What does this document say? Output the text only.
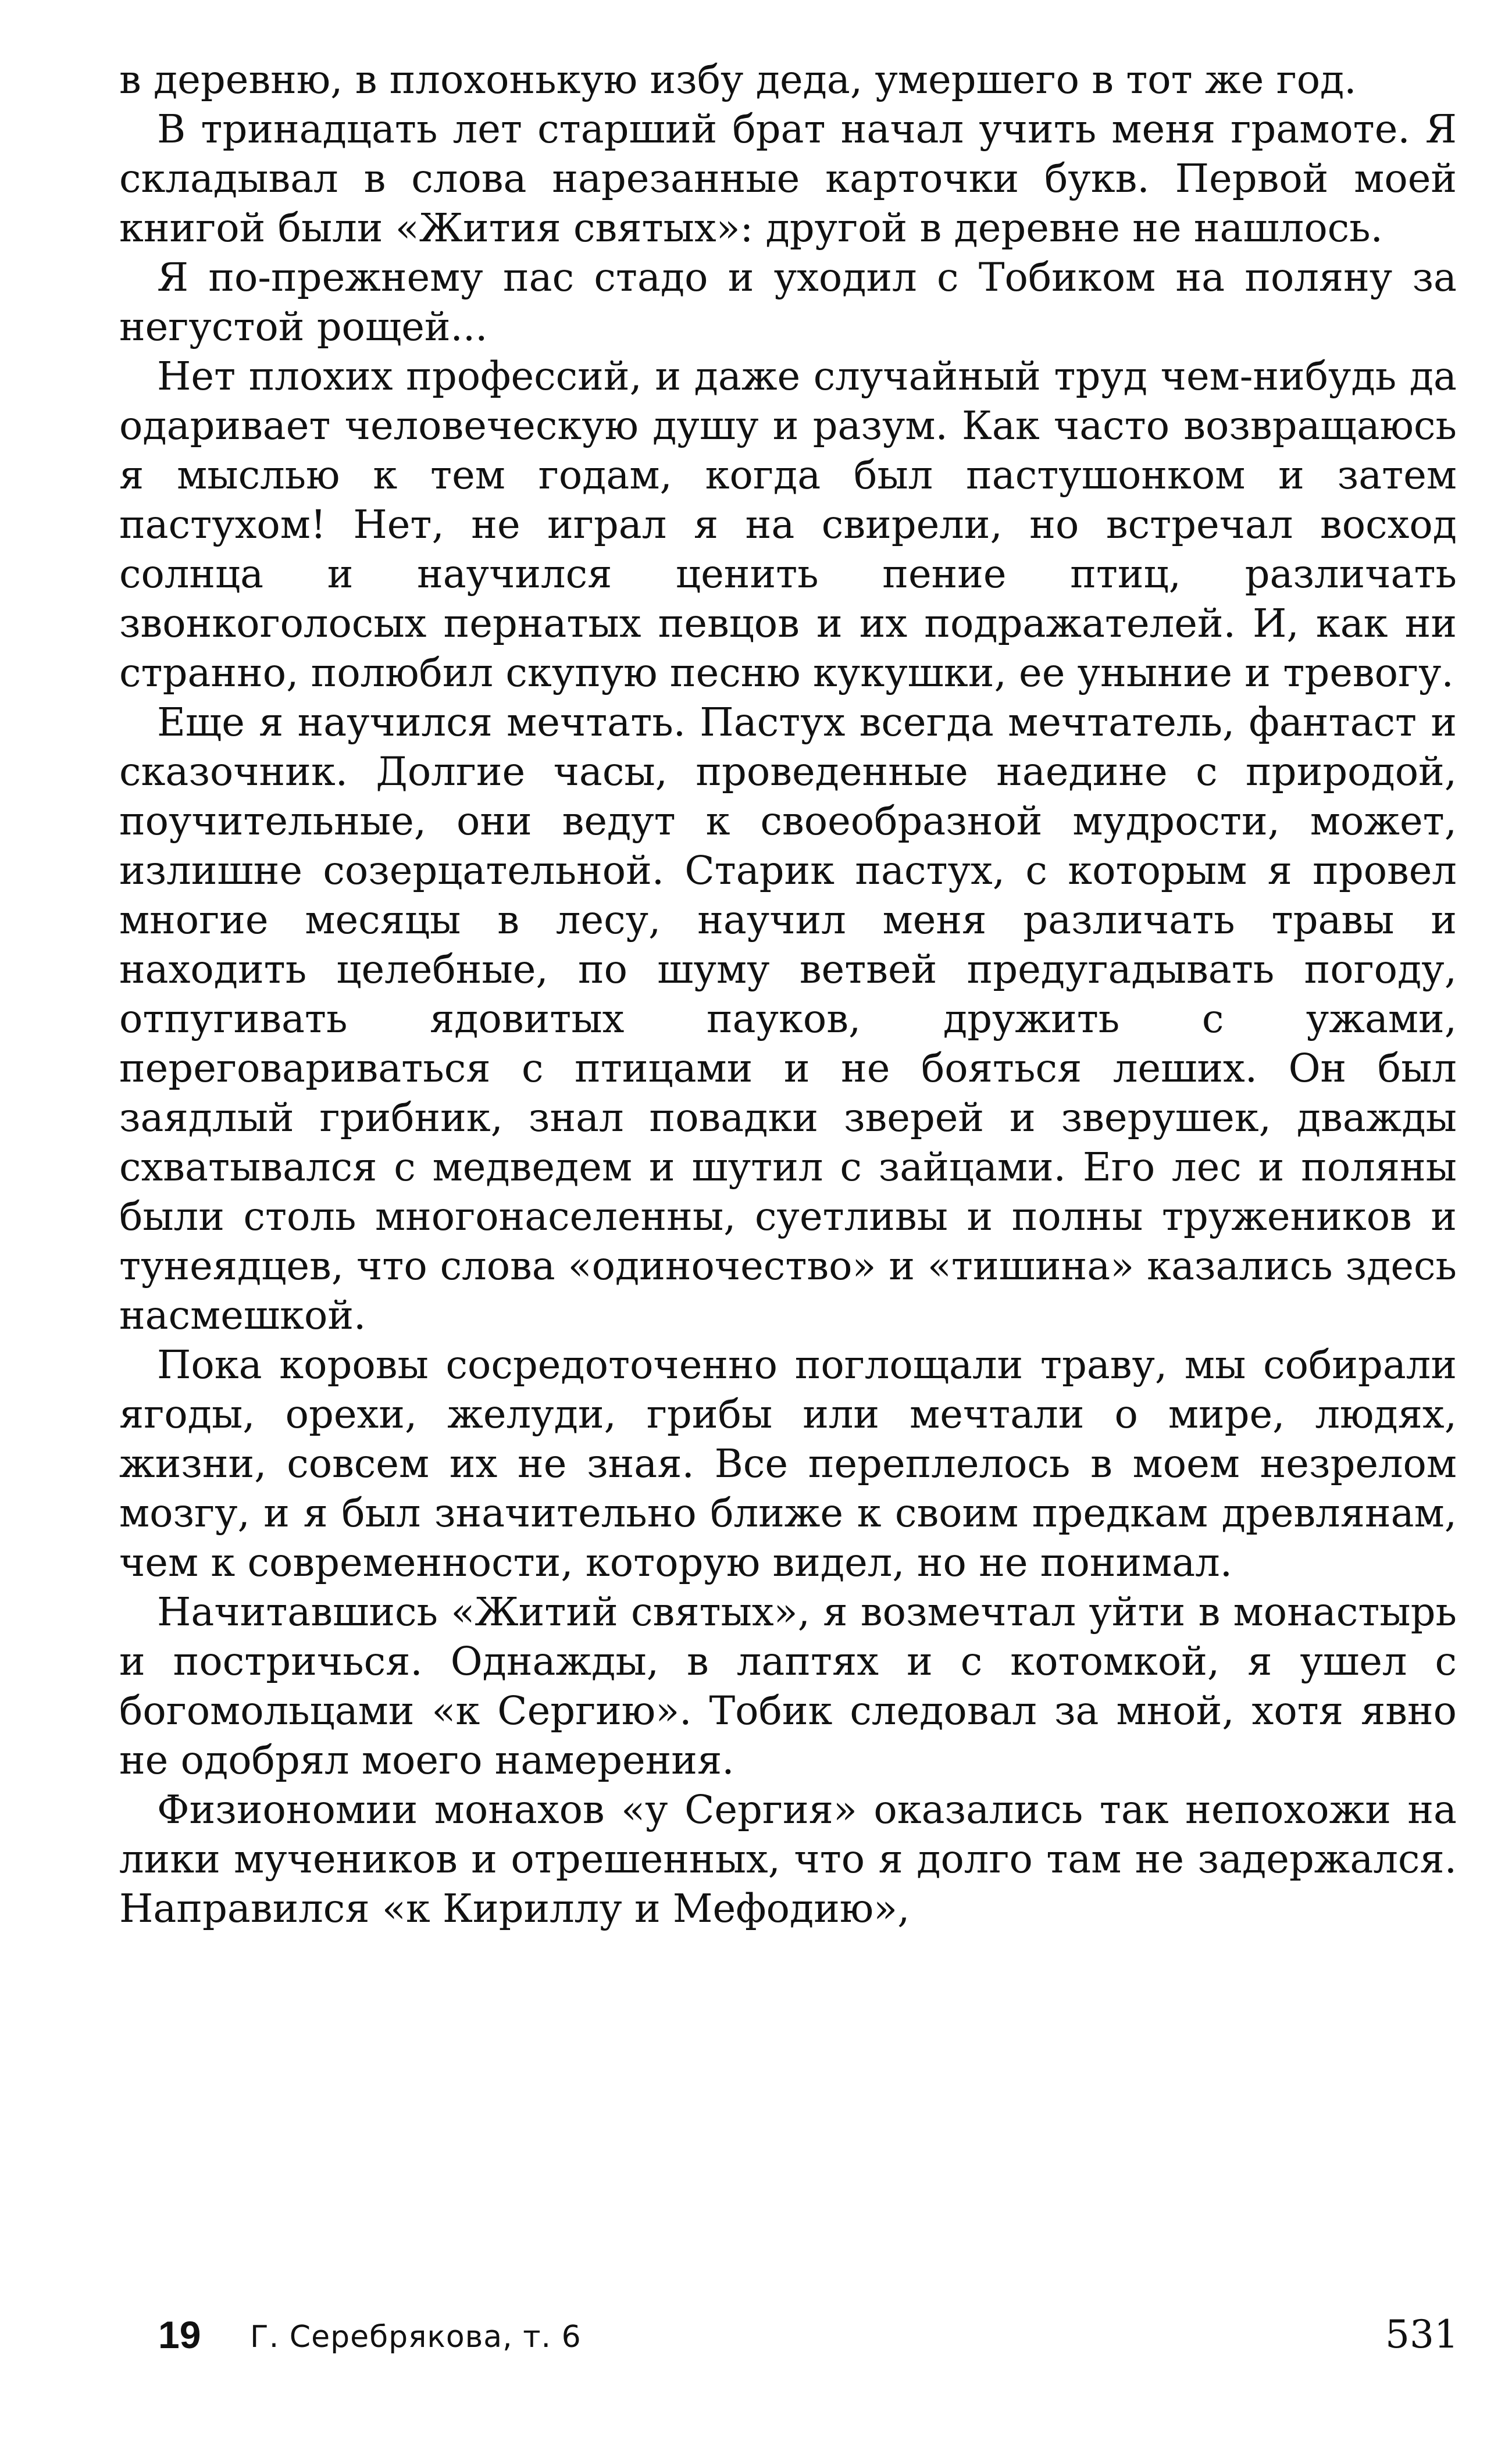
в деревню, в плохонькую избу деда, умершего в тот же год.

В тринадцать лет старший брат начал учить меня грамоте. Я складывал в слова нарезанные карточки букв. Первой моей книгой были «Жития святых»: другой в деревне не нашлось.

Я по-прежнему пас стадо и уходил с Тобиком на поляну за негустой рощей...

Нет плохих профессий, и даже случайный труд чем-нибудь да одаривает человеческую душу и разум. Как часто возвращаюсь я мыслью к тем годам, когда был пастушонком и затем пастухом! Нет, не играл я на свирели, но встречал восход солнца и научился ценить пение птиц, различать звонкоголосых пернатых певцов и их подражателей. И, как ни странно, полюбил скупую песню кукушки, ее уныние и тревогу.

Еще я научился мечтать. Пастух всегда мечтатель, фантаст и сказочник. Долгие часы, проведенные наедине с природой, поучительные, они ведут к своеобразной мудрости, может, излишне созерцательной. Старик пастух, с которым я провел многие месяцы в лесу, научил меня различать травы и находить целебные, по шуму ветвей предугадывать погоду, отпугивать ядовитых пауков, дружить с ужами, переговариваться с птицами и не бояться леших. Он был заядлый грибник, знал повадки зверей и зверушек, дважды схватывался с медведем и шутил с зайцами. Его лес и поляны были столь многонаселенны, суетливы и полны тружеников и тунеядцев, что слова «одиночество» и «тишина» казались здесь насмешкой.

Пока коровы сосредоточенно поглощали траву, мы собирали ягоды, орехи, желуди, грибы или мечтали о мире, людях, жизни, совсем их не зная. Все переплелось в моем незрелом мозгу, и я был значительно ближе к своим предкам древлянам, чем к современности, которую видел, но не понимал.

Начитавшись «Житий святых», я возмечтал уйти в монастырь и постричься. Однажды, в лаптях и с котомкой, я ушел с богомольцами «к Сергию». Тобик следовал за мной, хотя явно не одобрял моего намерения.

Физиономии монахов «у Сергия» оказались так непохожи на лики мучеников и отрешенных, что я долго там не задержался. Направился «к Кириллу и Мефодию»,

19 Г. Серебрякова, т. 6	531
